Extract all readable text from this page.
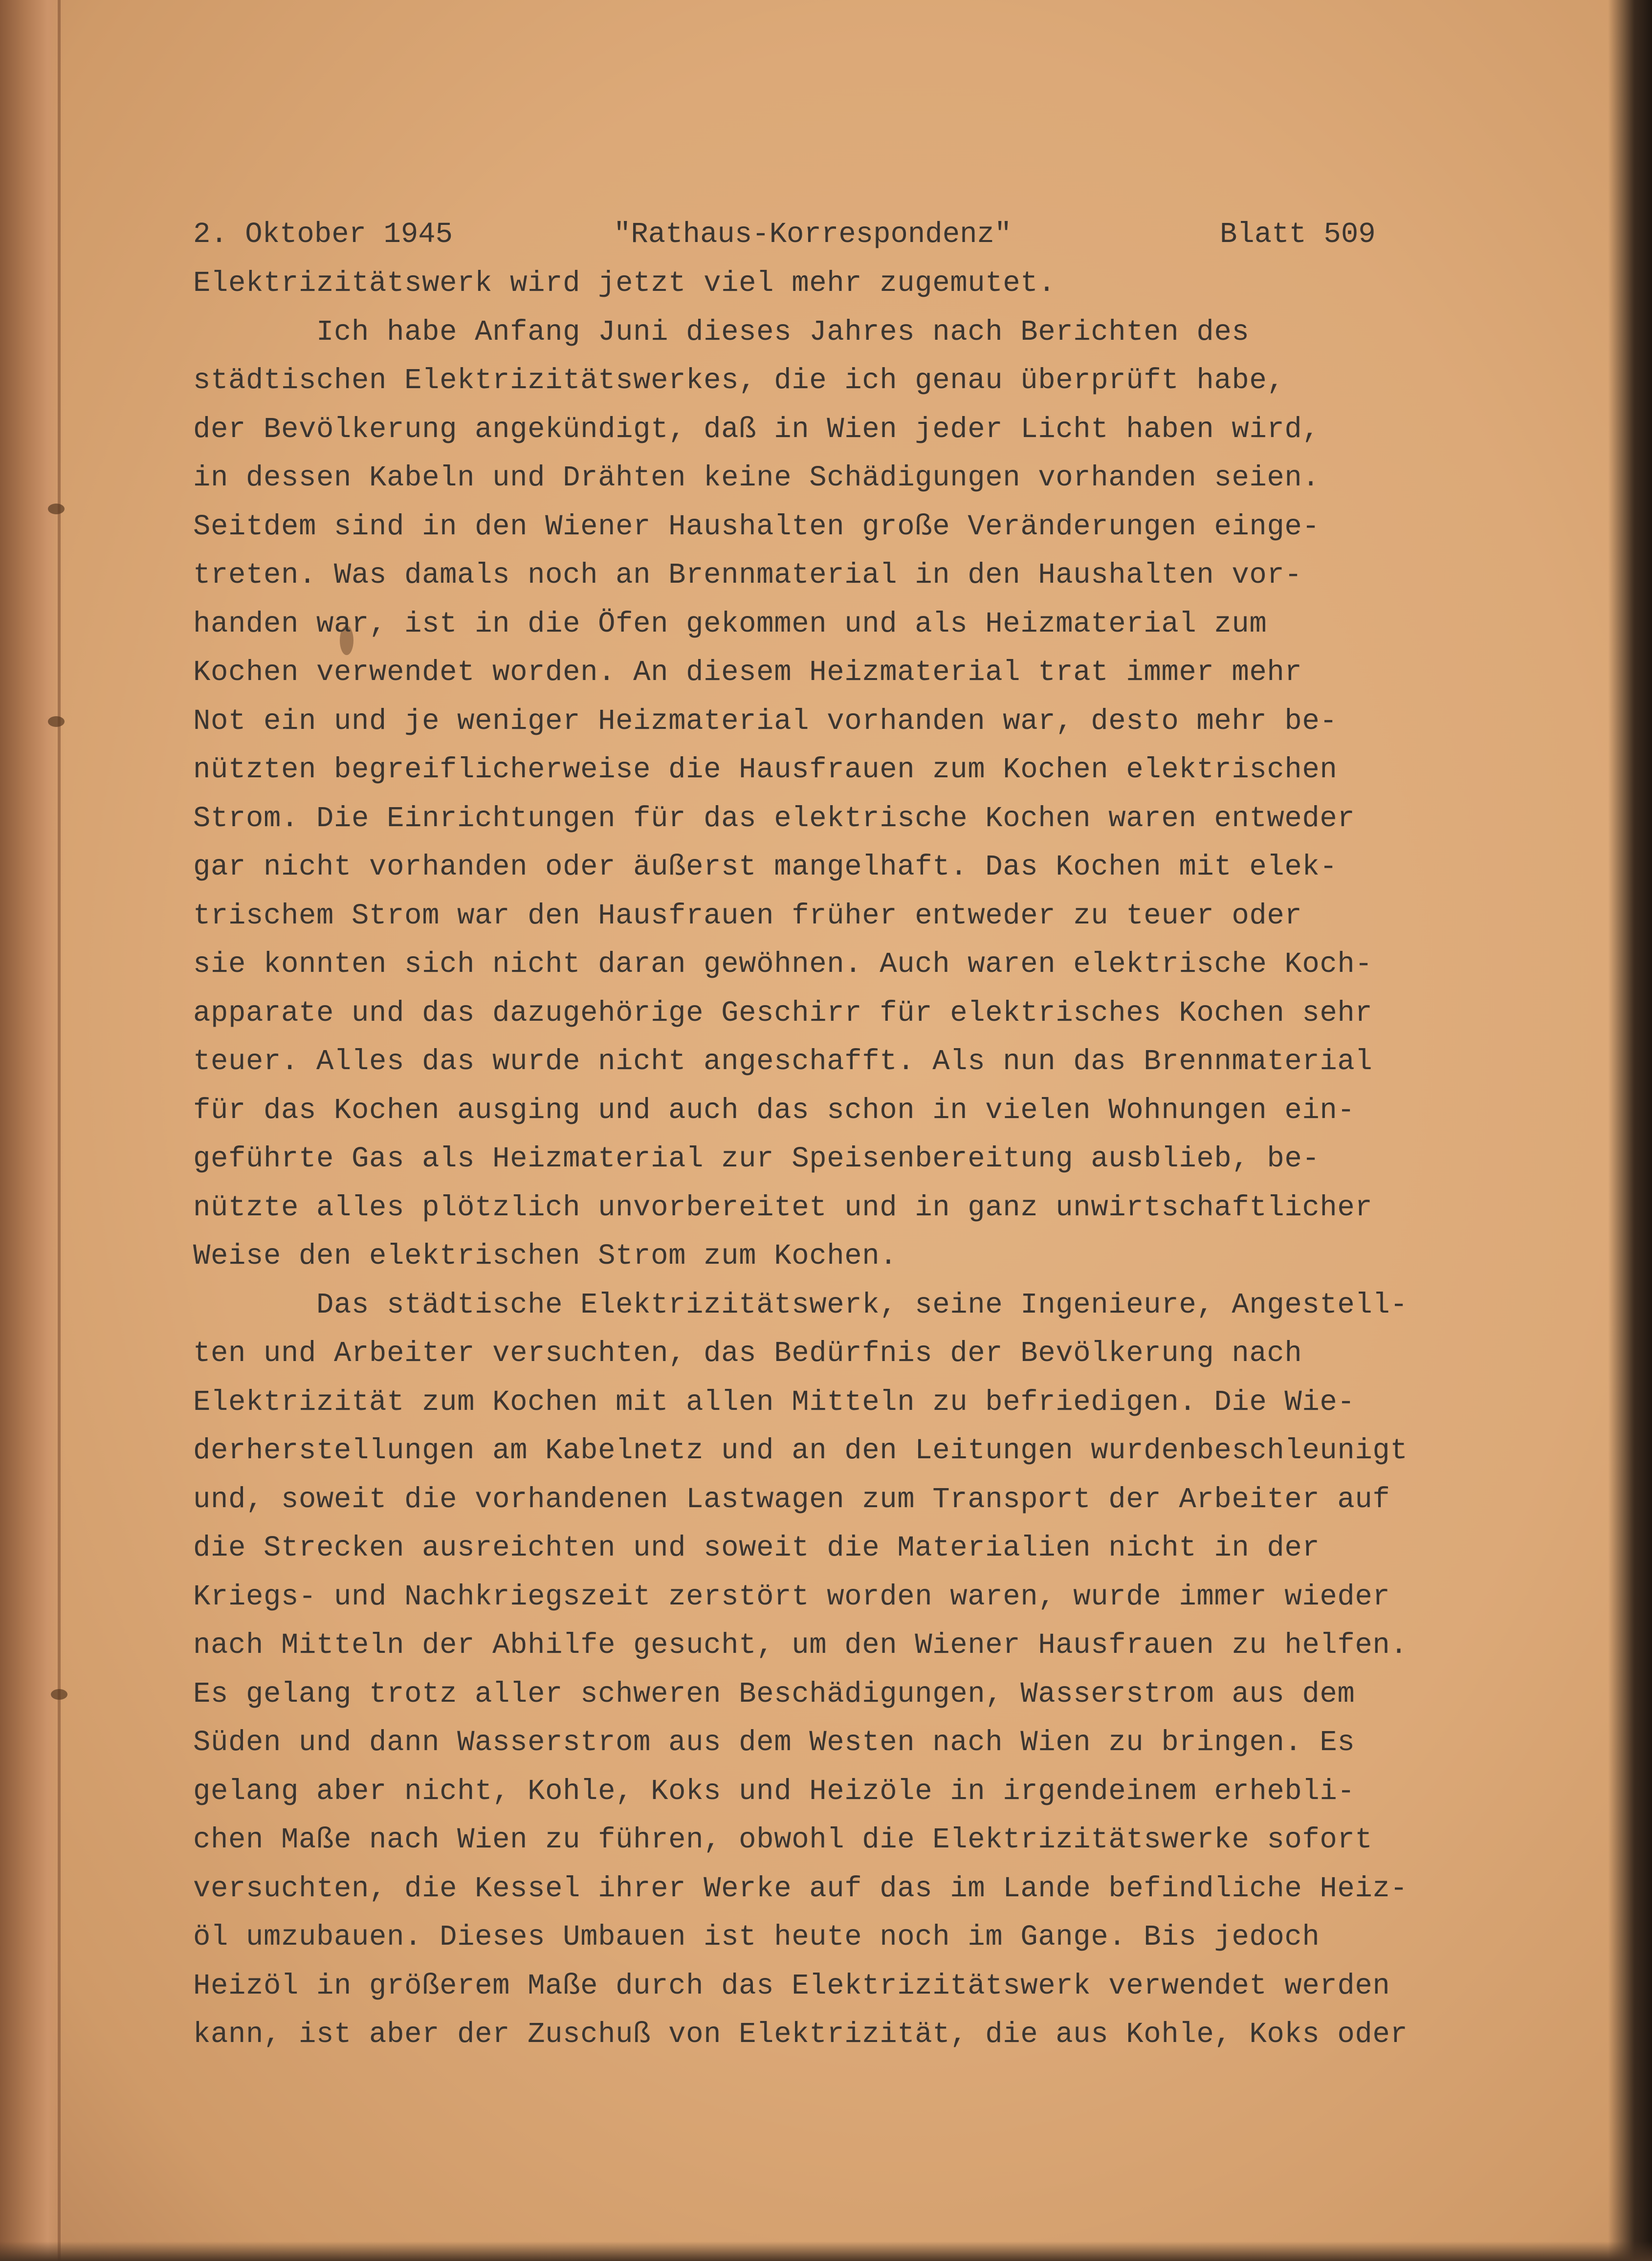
2. Oktober 1945

	"Rathaus-Korrespondenz"

	Blatt 509

Elektrizitätswerk wird jetzt viel mehr zugemutet.
Ich habe Anfang Juni dieses Jahres nach Berichten des
städtischen Elektrizitätswerkes, die ich genau überprüft habe,
der Bevölkerung angekündigt, daß in Wien jeder Licht haben wird,
in dessen Kabeln und Drähten keine Schädigungen vorhanden seien.
Seitdem sind in den Wiener Haushalten große Veränderungen einge-
treten. Was damals noch an Brennmaterial in den Haushalten vor-
handen war, ist in die Öfen gekommen und als Heizmaterial zum
Kochen verwendet worden. An diesem Heizmaterial trat immer mehr
Not ein und je weniger Heizmaterial vorhanden war, desto mehr be-
nützten begreiflicherweise die Hausfrauen zum Kochen elektrischen
Strom. Die Einrichtungen für das elektrische Kochen waren entweder
gar nicht vorhanden oder äußerst mangelhaft. Das Kochen mit elek-
trischem Strom war den Hausfrauen früher entweder zu teuer oder
sie konnten sich nicht daran gewöhnen. Auch waren elektrische Koch-
apparate und das dazugehörige Geschirr für elektrisches Kochen sehr
teuer. Alles das wurde nicht angeschafft. Als nun das Brennmaterial
für das Kochen ausging und auch das schon in vielen Wohnungen ein-
geführte Gas als Heizmaterial zur Speisenbereitung ausblieb, be-
nützte alles plötzlich unvorbereitet und in ganz unwirtschaftlicher
Weise den elektrischen Strom zum Kochen.
Das städtische Elektrizitätswerk, seine Ingenieure, Angestell-
ten und Arbeiter versuchten, das Bedürfnis der Bevölkerung nach
Elektrizität zum Kochen mit allen Mitteln zu befriedigen. Die Wie-
derherstellungen am Kabelnetz und an den Leitungen wurdenbeschleunigt
und, soweit die vorhandenen Lastwagen zum Transport der Arbeiter auf
die Strecken ausreichten und soweit die Materialien nicht in der
Kriegs- und Nachkriegszeit zerstört worden waren, wurde immer wieder
nach Mitteln der Abhilfe gesucht, um den Wiener Hausfrauen zu helfen.
Es gelang trotz aller schweren Beschädigungen, Wasserstrom aus dem
Süden und dann Wasserstrom aus dem Westen nach Wien zu bringen. Es
gelang aber nicht, Kohle, Koks und Heizöle in irgendeinem erhebli-
chen Maße nach Wien zu führen, obwohl die Elektrizitätswerke sofort
versuchten, die Kessel ihrer Werke auf das im Lande befindliche Heiz-
öl umzubauen. Dieses Umbauen ist heute noch im Gange. Bis jedoch
Heizöl in größerem Maße durch das Elektrizitätswerk verwendet werden
kann, ist aber der Zuschuß von Elektrizität, die aus Kohle, Koks oder
